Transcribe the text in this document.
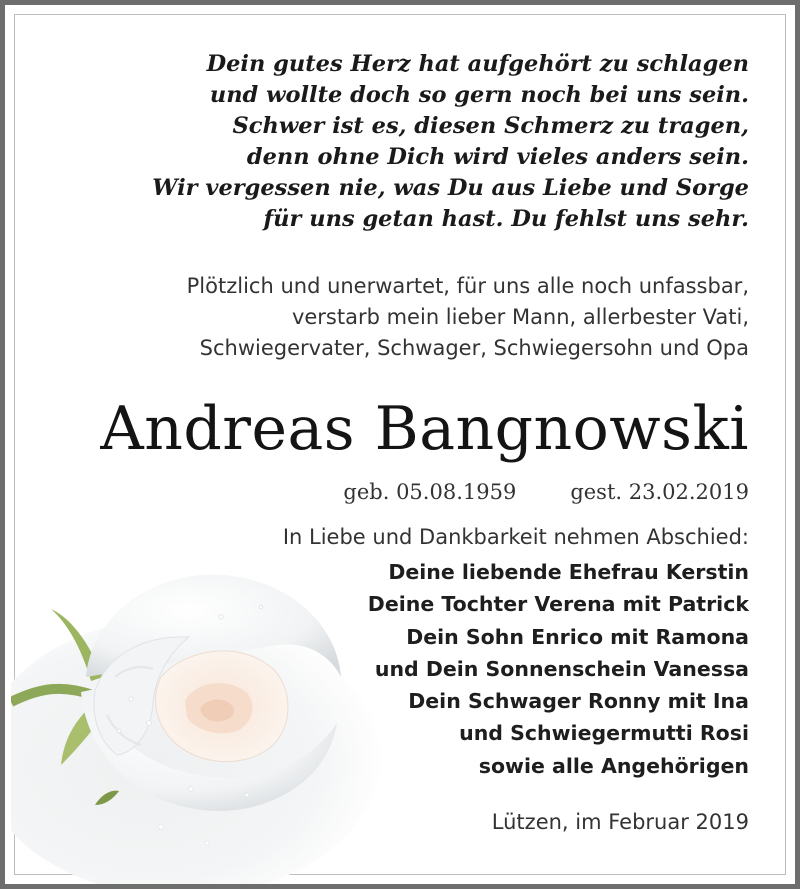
Dein gutes Herz hat aufgehört zu schlagen
und wollte doch so gern noch bei uns sein.
Schwer ist es, diesen Schmerz zu tragen,
denn ohne Dich wird vieles anders sein.
Wir vergessen nie, was Du aus Liebe und Sorge
für uns getan hast. Du fehlst uns sehr.
Plötzlich und unerwartet, für uns alle noch unfassbar,
verstarb mein lieber Mann, allerbester Vati,
Schwiegervater, Schwager, Schwiegersohn und Opa
Andreas Bangnowski
geb. 05.08.1959	gest. 23.02.2019
In Liebe und Dankbarkeit nehmen Abschied:
Deine liebende Ehefrau Kerstin
Deine Tochter Verena mit Patrick
Dein Sohn Enrico mit Ramona
und Dein Sonnenschein Vanessa
Dein Schwager Ronny mit Ina
und Schwiegermutti Rosi
sowie alle Angehörigen
Lützen, im Februar 2019
